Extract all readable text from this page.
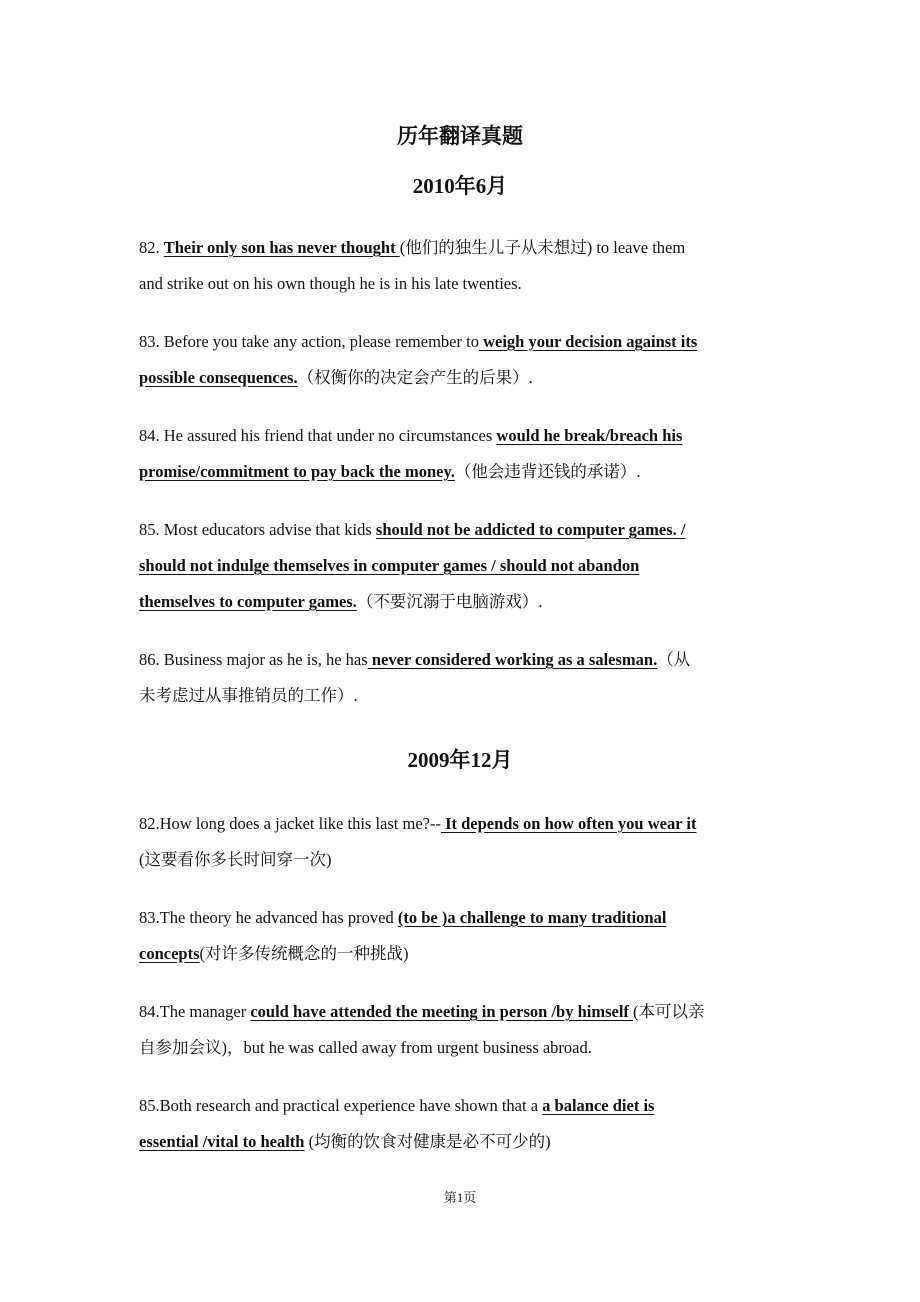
历年翻译真题
2010年6月
82. Their only son has never thought (他们的独生儿子从未想过) to leave them
and strike out on his own though he is in his late twenties.
83. Before you take any action, please remember to weigh your decision against its
possible consequences.（权衡你的决定会产生的后果）.
84. He assured his friend that under no circumstances would he break/breach his
promise/commitment to pay back the money.（他会违背还钱的承诺）.
85. Most educators advise that kids should not be addicted to computer games. /
should not indulge themselves in computer games / should not abandon
themselves to computer games.（不要沉溺于电脑游戏）.
86. Business major as he is, he has never considered working as a salesman.（从
未考虑过从事推销员的工作）.
2009年12月
82.How long does a jacket like this last me?-- It depends on how often you wear it
(这要看你多长时间穿一次)
83.The theory he advanced has proved (to be )a challenge to many traditional
concepts(对许多传统概念的一种挑战)
84.The manager could have attended the meeting in person /by himself (本可以亲
自参加会议)，but he was called away from urgent business abroad.
85.Both research and practical experience have shown that a a balance diet is
essential /vital to health (均衡的饮食对健康是必不可少的)
第1页
